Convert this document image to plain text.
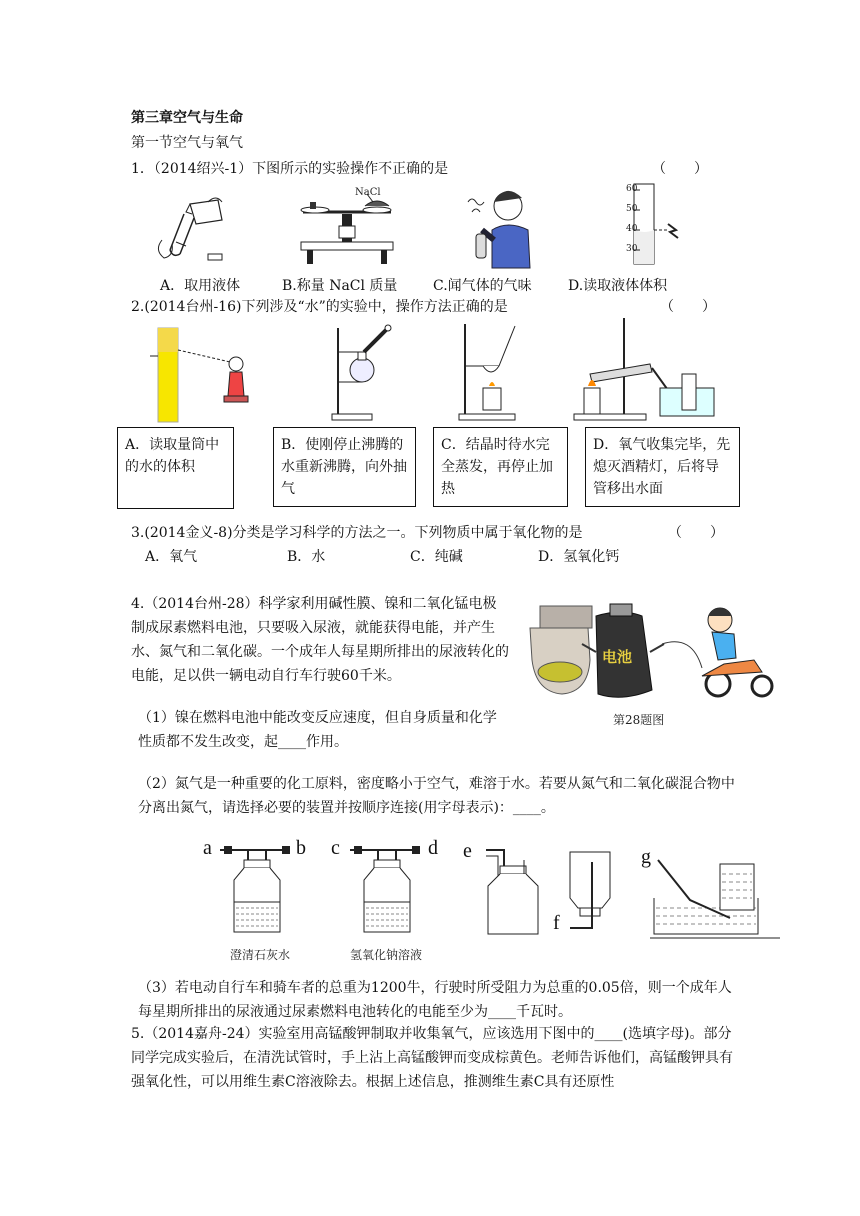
第三章空气与生命
第一节空气与氧气
1．（2014绍兴-1）下图所示的实验操作不正确的是	（　　）
NaCl	60
50
40
30
A．取用液体	B.称量 NaCl 质量	C.闻气体的气味	D.读取液体体积
2.(2014台州-16)下列涉及“水”的实验中，操作方法正确的是	（　　）
A．读取量筒中的水的体积
B．使刚停止沸腾的水重新沸腾，向外抽气
C．结晶时待水完全蒸发，再停止加热
D．氧气收集完毕，先熄灭酒精灯，后将导管移出水面
3.(2014金义-8)分类是学习科学的方法之一。下列物质中属于氧化物的是	（　　）
A．氧气	B．水	C．纯碱	D．氢氧化钙
4.（2014台州-28）科学家利用碱性膜、镍和二氧化锰电极制成尿素燃料电池，只要吸入尿液，就能获得电能，并产生水、氮气和二氧化碳。一个成年人每星期所排出的尿液转化的电能，足以供一辆电动自行车行驶60千米。
电池
第28题图
（1）镍在燃料电池中能改变反应速度，但自身质量和化学性质都不发生改变，起____作用。
（2）氮气是一种重要的化工原料，密度略小于空气，难溶于水。若要从氮气和二氧化碳混合物中分离出氮气，请选择必要的装置并按顺序连接(用字母表示)：____。
a	b c	d e
f
g
澄清石灰水	氢氧化钠溶液
（3）若电动自行车和骑车者的总重为1200牛，行驶时所受阻力为总重的0.05倍，则一个成年人每星期所排出的尿液通过尿素燃料电池转化的电能至少为____千瓦时。
5.（2014嘉舟-24）实验室用高锰酸钾制取并收集氧气，应该选用下图中的____(选填字母)。部分同学完成实验后，在清洗试管时，手上沾上高锰酸钾而变成棕黄色。老师告诉他们，高锰酸钾具有强氧化性，可以用维生素C溶液除去。根据上述信息，推测维生素C具有还原性
